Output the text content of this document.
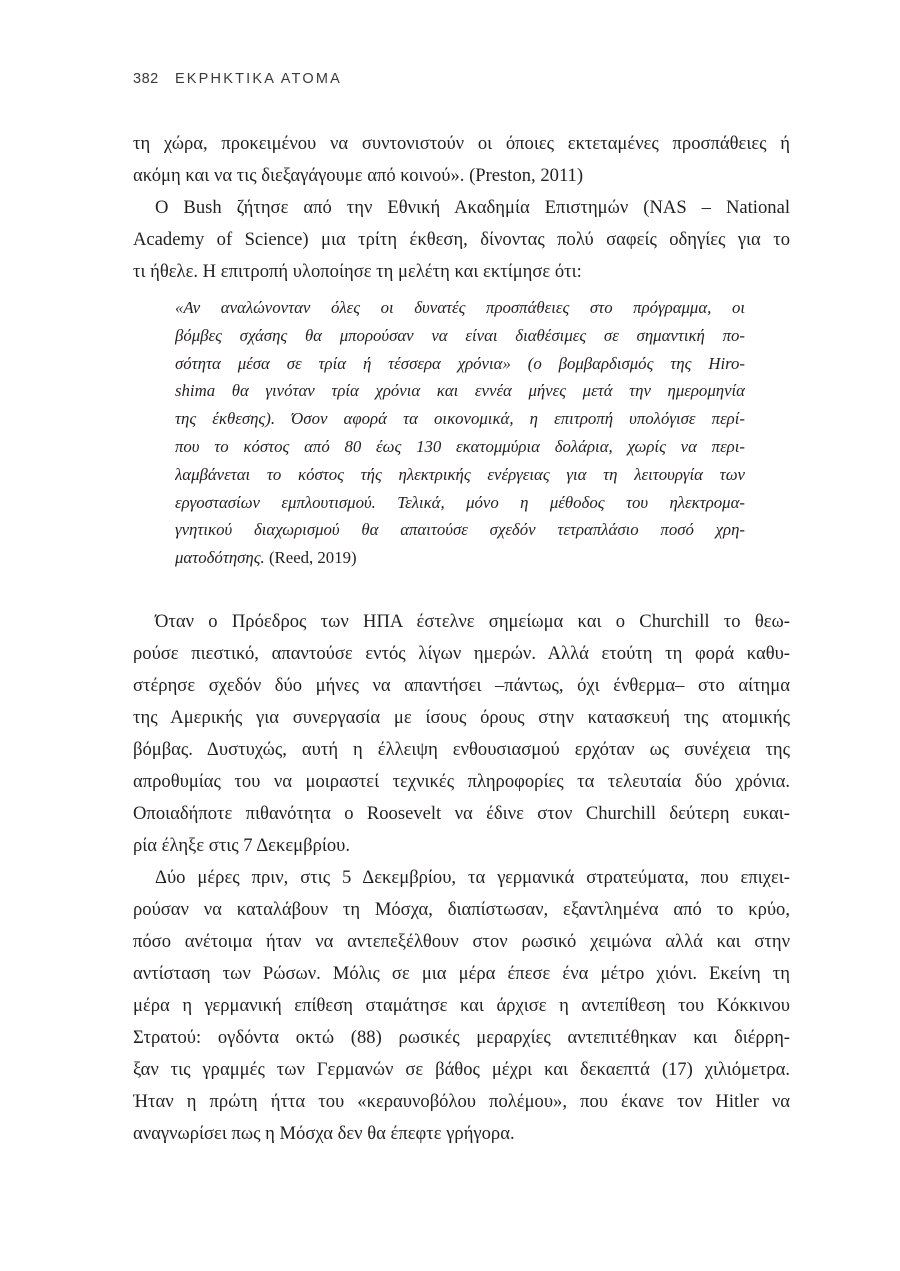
382 ΕΚΡΗΚΤΙΚΑ ΑΤΟΜΑ
τη χώρα, προκειμένου να συντονιστούν οι όποιες εκτεταμένες προσπάθειες ή
ακόμη και να τις διεξαγάγουμε από κοινού». (Preston, 2011)
Ο Bush ζήτησε από την Εθνική Ακαδημία Επιστημών (NAS – National
Academy of Science) μια τρίτη έκθεση, δίνοντας πολύ σαφείς οδηγίες για το
τι ήθελε. Η επιτροπή υλοποίησε τη μελέτη και εκτίμησε ότι:
«Αν αναλώνονταν όλες οι δυνατές προσπάθειες στο πρόγραμμα, οι
βόμβες σχάσης θα μπορούσαν να είναι διαθέσιμες σε σημαντική πο-
σότητα μέσα σε τρία ή τέσσερα χρόνια» (ο βομβαρδισμός της Hiro-
shima θα γινόταν τρία χρόνια και εννέα μήνες μετά την ημερομηνία
της έκθεσης). Όσον αφορά τα οικονομικά, η επιτροπή υπολόγισε περί-
που το κόστος από 80 έως 130 εκατομμύρια δολάρια, χωρίς να περι-
λαμβάνεται το κόστος τής ηλεκτρικής ενέργειας για τη λειτουργία των
εργοστασίων εμπλουτισμού. Τελικά, μόνο η μέθοδος του ηλεκτρομα-
γνητικού διαχωρισμού θα απαιτούσε σχεδόν τετραπλάσιο ποσό χρη-
ματοδότησης. (Reed, 2019)
Όταν ο Πρόεδρος των ΗΠΑ έστελνε σημείωμα και ο Churchill το θεω-
ρούσε πιεστικό, απαντούσε εντός λίγων ημερών. Αλλά ετούτη τη φορά καθυ-
στέρησε σχεδόν δύο μήνες να απαντήσει –πάντως, όχι ένθερμα– στο αίτημα
της Αμερικής για συνεργασία με ίσους όρους στην κατασκευή της ατομικής
βόμβας. Δυστυχώς, αυτή η έλλειψη ενθουσιασμού ερχόταν ως συνέχεια της
απροθυμίας του να μοιραστεί τεχνικές πληροφορίες τα τελευταία δύο χρόνια.
Οποιαδήποτε πιθανότητα ο Roosevelt να έδινε στον Churchill δεύτερη ευκαι-
ρία έληξε στις 7 Δεκεμβρίου.
Δύο μέρες πριν, στις 5 Δεκεμβρίου, τα γερμανικά στρατεύματα, που επιχει-
ρούσαν να καταλάβουν τη Μόσχα, διαπίστωσαν, εξαντλημένα από το κρύο,
πόσο ανέτοιμα ήταν να αντεπεξέλθουν στον ρωσικό χειμώνα αλλά και στην
αντίσταση των Ρώσων. Μόλις σε μια μέρα έπεσε ένα μέτρο χιόνι. Εκείνη τη
μέρα η γερμανική επίθεση σταμάτησε και άρχισε η αντεπίθεση του Κόκκινου
Στρατού: ογδόντα οκτώ (88) ρωσικές μεραρχίες αντεπιτέθηκαν και διέρρη-
ξαν τις γραμμές των Γερμανών σε βάθος μέχρι και δεκαεπτά (17) χιλιόμετρα.
Ήταν η πρώτη ήττα του «κεραυνοβόλου πολέμου», που έκανε τον Hitler να
αναγνωρίσει πως η Μόσχα δεν θα έπεφτε γρήγορα.
